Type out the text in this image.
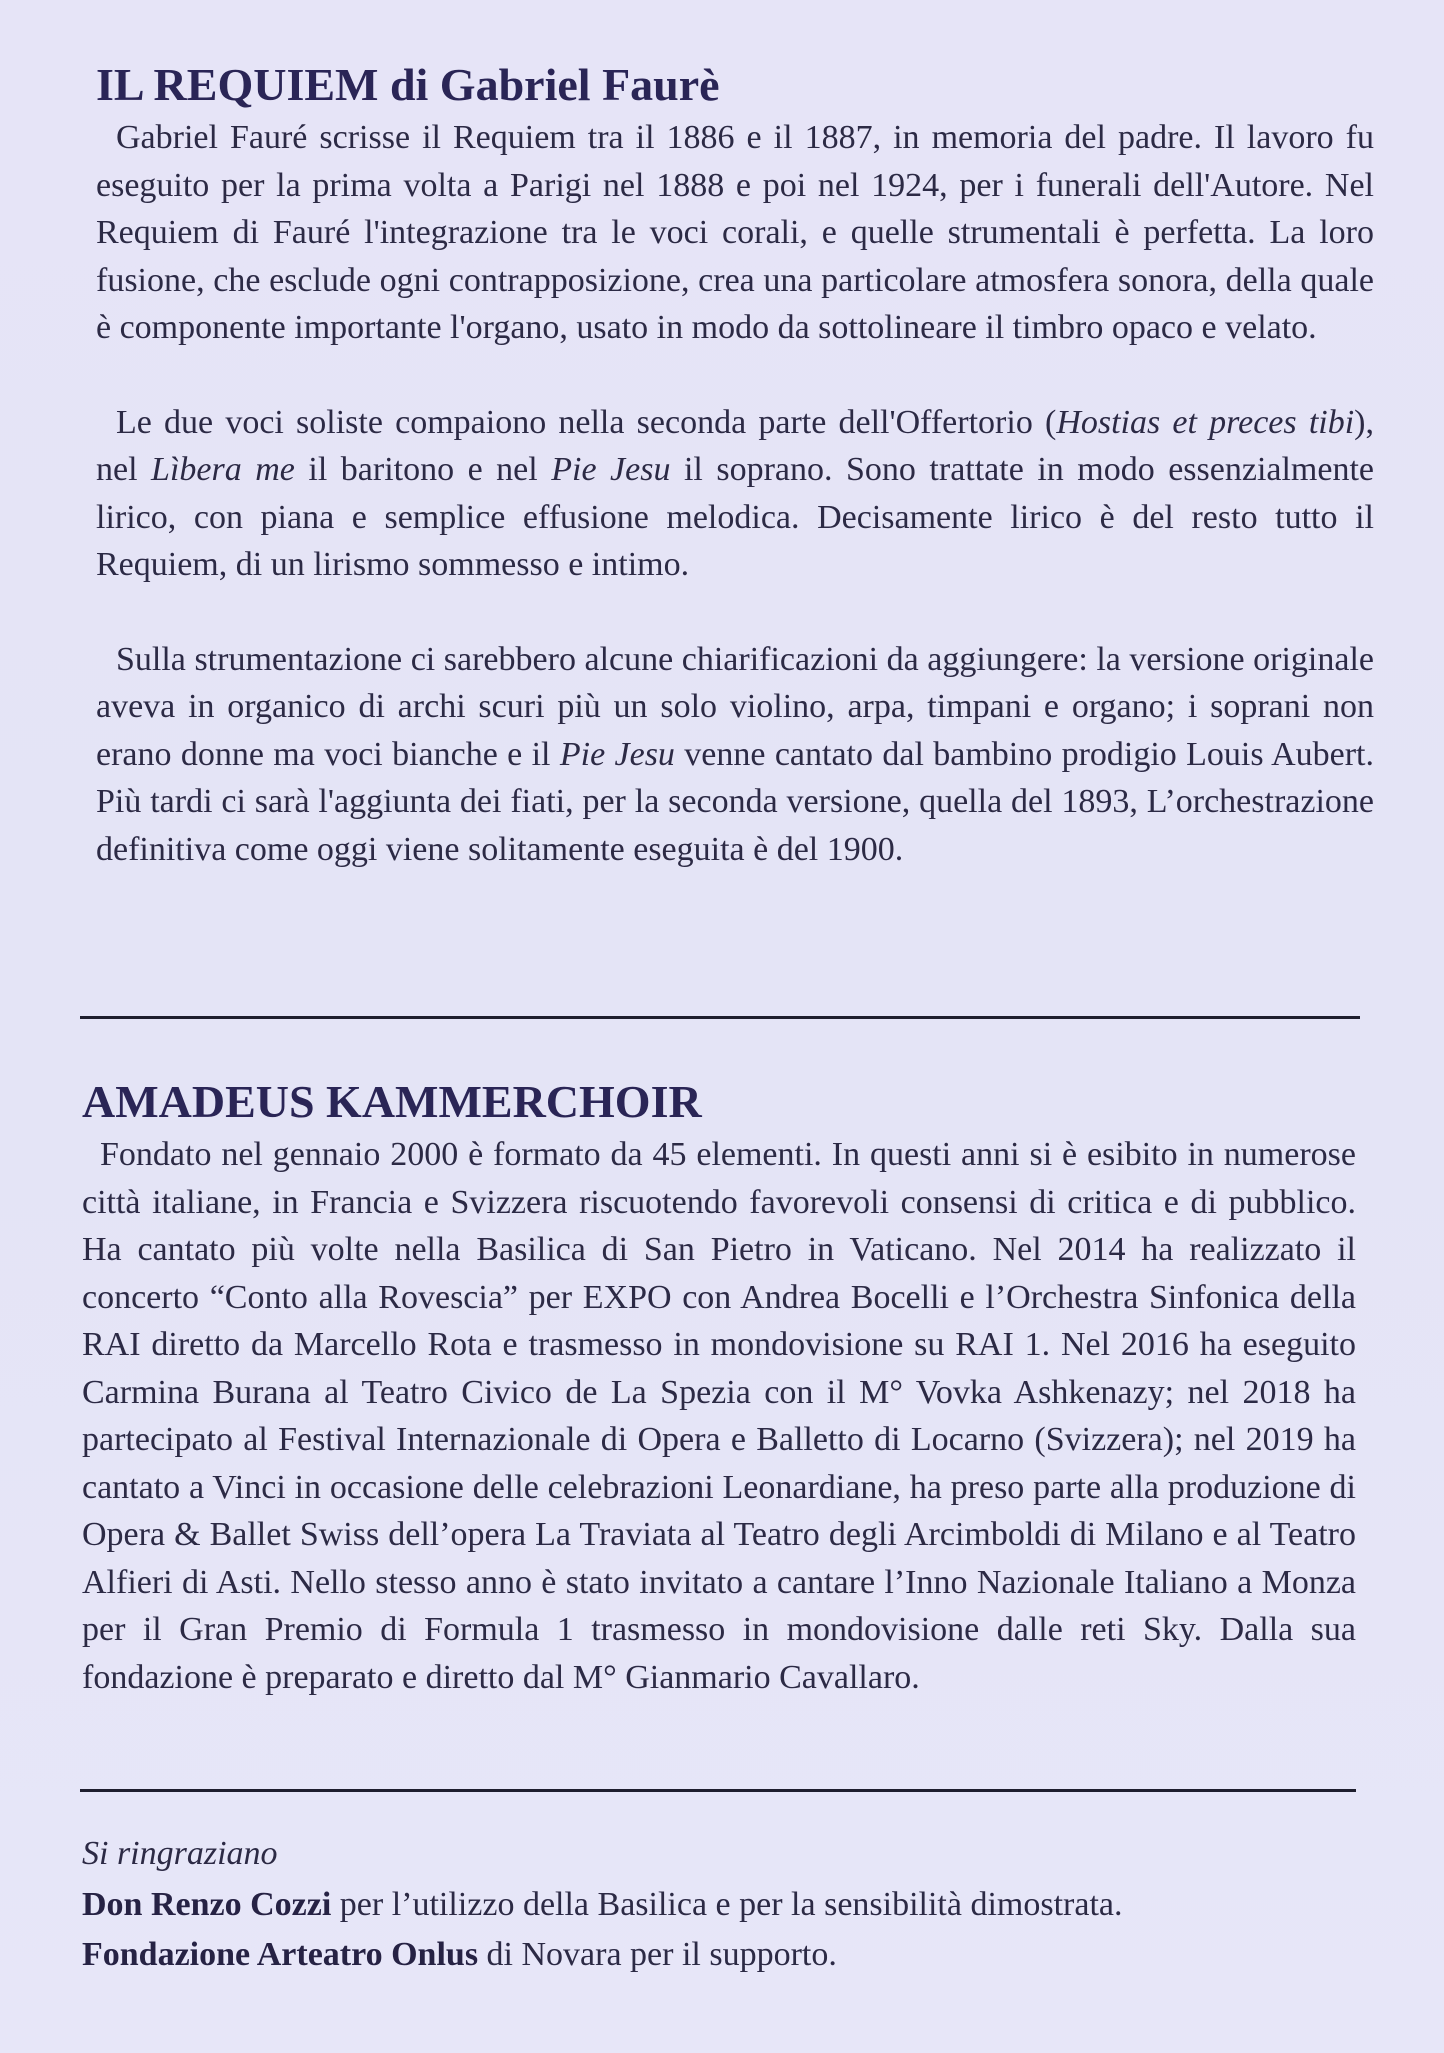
IL REQUIEM di Gabriel Faurè

Gabriel Fauré scrisse il Requiem tra il 1886 e il 1887, in memoria del padre. Il lavoro fu eseguito per la prima volta a Parigi nel 1888 e poi nel 1924, per i funerali dell'Autore. Nel Requiem di Fauré l'integrazione tra le voci corali, e quelle strumentali è perfetta. La loro fusione, che esclude ogni contrapposizione, crea una particolare atmosfera sonora, della quale è componente importante l'organo, usato in modo da sottolineare il timbro opaco e velato.

Le due voci soliste compaiono nella seconda parte dell'Offertorio (Hostias et preces tibi), nel Lìbera me il baritono e nel Pie Jesu il soprano. Sono trattate in modo essenzialmente lirico, con piana e semplice effusione melodica. Decisamente lirico è del resto tutto il Requiem, di un lirismo sommesso e intimo.

Sulla strumentazione ci sarebbero alcune chiarificazioni da aggiungere: la versione originale aveva in organico di archi scuri più un solo violino, arpa, timpani e organo; i soprani non erano donne ma voci bianche e il Pie Jesu venne cantato dal bambino prodigio Louis Aubert. Più tardi ci sarà l'aggiunta dei fiati, per la seconda versione, quella del 1893, L’orchestrazione definitiva come oggi viene solitamente eseguita è del 1900.

AMADEUS KAMMERCHOIR

Fondato nel gennaio 2000 è formato da 45 elementi. In questi anni si è esibito in numerose città italiane, in Francia e Svizzera riscuotendo favorevoli consensi di critica e di pubblico. Ha cantato più volte nella Basilica di San Pietro in Vaticano. Nel 2014 ha realizzato il concerto “Conto alla Rovescia” per EXPO con Andrea Bocelli e l’Orchestra Sinfonica della RAI diretto da Marcello Rota e trasmesso in mondovisione su RAI 1. Nel 2016 ha eseguito Carmina Burana al Teatro Civico de La Spezia con il M° Vovka Ashkenazy; nel 2018 ha partecipato al Festival Internazionale di Opera e Balletto di Locarno (Svizzera); nel 2019 ha cantato a Vinci in occasione delle celebrazioni Leonardiane, ha preso parte alla produzione di Opera & Ballet Swiss dell’opera La Traviata al Teatro degli Arcimboldi di Milano e al Teatro Alfieri di Asti. Nello stesso anno è stato invitato a cantare l’Inno Nazionale Italiano a Monza per il Gran Premio di Formula 1 trasmesso in mondovisione dalle reti Sky. Dalla sua fondazione è preparato e diretto dal M° Gianmario Cavallaro.

Si ringraziano

Don Renzo Cozzi per l’utilizzo della Basilica e per la sensibilità dimostrata.

Fondazione Arteatro Onlus di Novara per il supporto.
